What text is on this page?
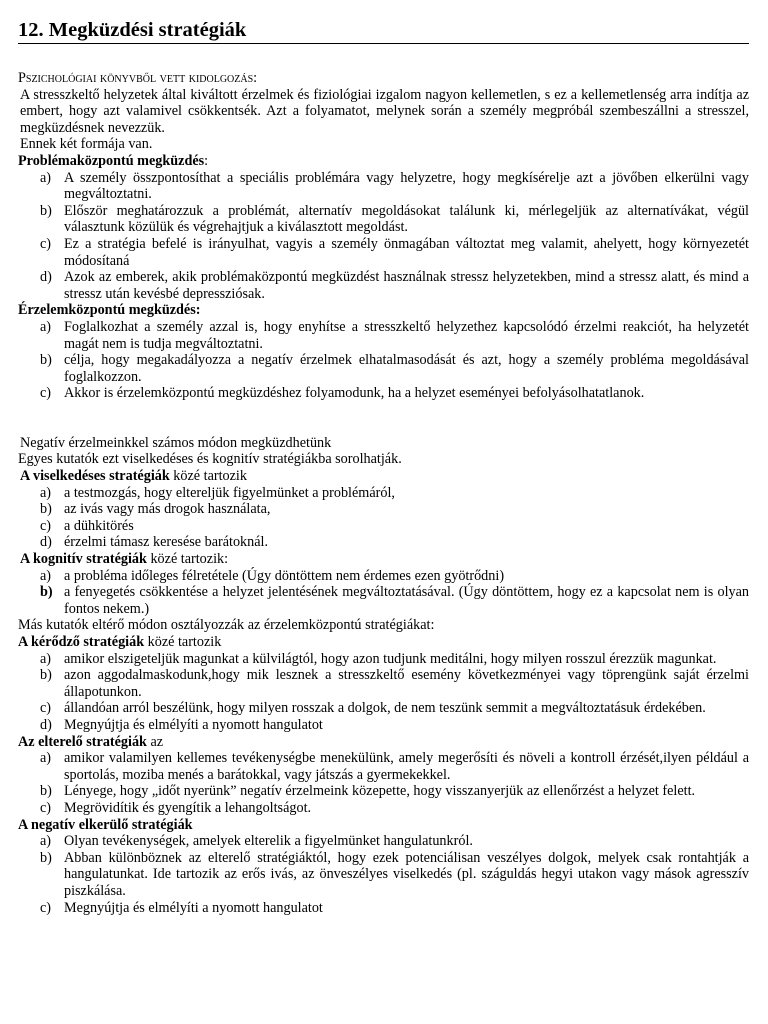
12. Megküzdési stratégiák

Pszichológiai könyvből vett kidolgozás:

A stresszkeltő helyzetek által kiváltott érzelmek és fiziológiai izgalom nagyon kellemetlen, s ez a kellemetlenség arra indítja az embert, hogy azt valamivel csökkentsék. Azt a folyamatot, melynek során a személy megpróbál szembeszállni a stresszel, megküzdésnek nevezzük.

Ennek két formája van.

Problémaközpontú megküzdés:

a) A személy összpontosíthat a speciális problémára vagy helyzetre, hogy megkísérelje azt a jövőben elkerülni vagy megváltoztatni.
b) Először meghatározzuk a problémát, alternatív megoldásokat találunk ki, mérlegeljük az alternatívákat, végül választunk közülük és végrehajtjuk a kiválasztott megoldást.
c) Ez a stratégia befelé is irányulhat, vagyis a személy önmagában változtat meg valamit, ahelyett, hogy környezetét módosítaná
d) Azok az emberek, akik problémaközpontú megküzdést használnak stressz helyzetekben, mind a stressz alatt, és mind a stressz után kevésbé depressziósak.

Érzelemközpontú megküzdés:

a) Foglalkozhat a személy azzal is, hogy enyhítse a stresszkeltő helyzethez kapcsolódó érzelmi reakciót, ha helyzetét magát nem is tudja megváltoztatni.
b) célja, hogy megakadályozza a negatív érzelmek elhatalmasodását és azt, hogy a személy probléma megoldásával foglalkozzon.
c) Akkor is érzelemközpontú megküzdéshez folyamodunk, ha a helyzet eseményei befolyásolhatatlanok.

Negatív érzelmeinkkel számos módon megküzdhetünk

Egyes kutatók ezt viselkedéses és kognitív stratégiákba sorolhatják.

A viselkedéses stratégiák közé tartozik

a) a testmozgás, hogy eltereljük figyelmünket a problémáról,
b) az ivás vagy más drogok használata,
c) a dühkitörés
d) érzelmi támasz keresése barátoknál.

A kognitív stratégiák közé tartozik:

a) a probléma időleges félretétele (Úgy döntöttem nem érdemes ezen gyötrődni)
b) a fenyegetés csökkentése a helyzet jelentésének megváltoztatásával. (Úgy döntöttem, hogy ez a kapcsolat nem is olyan fontos nekem.)

Más kutatók eltérő módon osztályozzák az érzelemközpontú stratégiákat:

A kérődző stratégiák közé tartozik

a) amikor elszigeteljük magunkat a külvilágtól, hogy azon tudjunk meditálni, hogy milyen rosszul érezzük magunkat.
b) azon aggodalmaskodunk,hogy mik lesznek a stresszkeltő esemény következményei vagy töprengünk saját érzelmi állapotunkon.
c) állandóan arról beszélünk, hogy milyen rosszak a dolgok, de nem teszünk semmit a megváltoztatásuk érdekében.
d) Megnyújtja és elmélyíti a nyomott hangulatot

Az elterelő stratégiák az

a) amikor valamilyen kellemes tevékenységbe menekülünk, amely megerősíti és növeli a kontroll érzését,ilyen például a sportolás, moziba menés a barátokkal, vagy játszás a gyermekekkel.
b) Lényege, hogy „időt nyerünk” negatív érzelmeink közepette, hogy visszanyerjük az ellenőrzést a helyzet felett.
c) Megrövidítik és gyengítik a lehangoltságot.

A negatív elkerülő stratégiák

a) Olyan tevékenységek, amelyek elterelik a figyelmünket hangulatunkról.
b) Abban különböznek az elterelő stratégiáktól, hogy ezek potenciálisan veszélyes dolgok, melyek csak rontahtják a hangulatunkat. Ide tartozik az erős ivás, az önveszélyes viselkedés (pl. száguldás hegyi utakon vagy mások agresszív piszkálása.
c) Megnyújtja és elmélyíti a nyomott hangulatot
